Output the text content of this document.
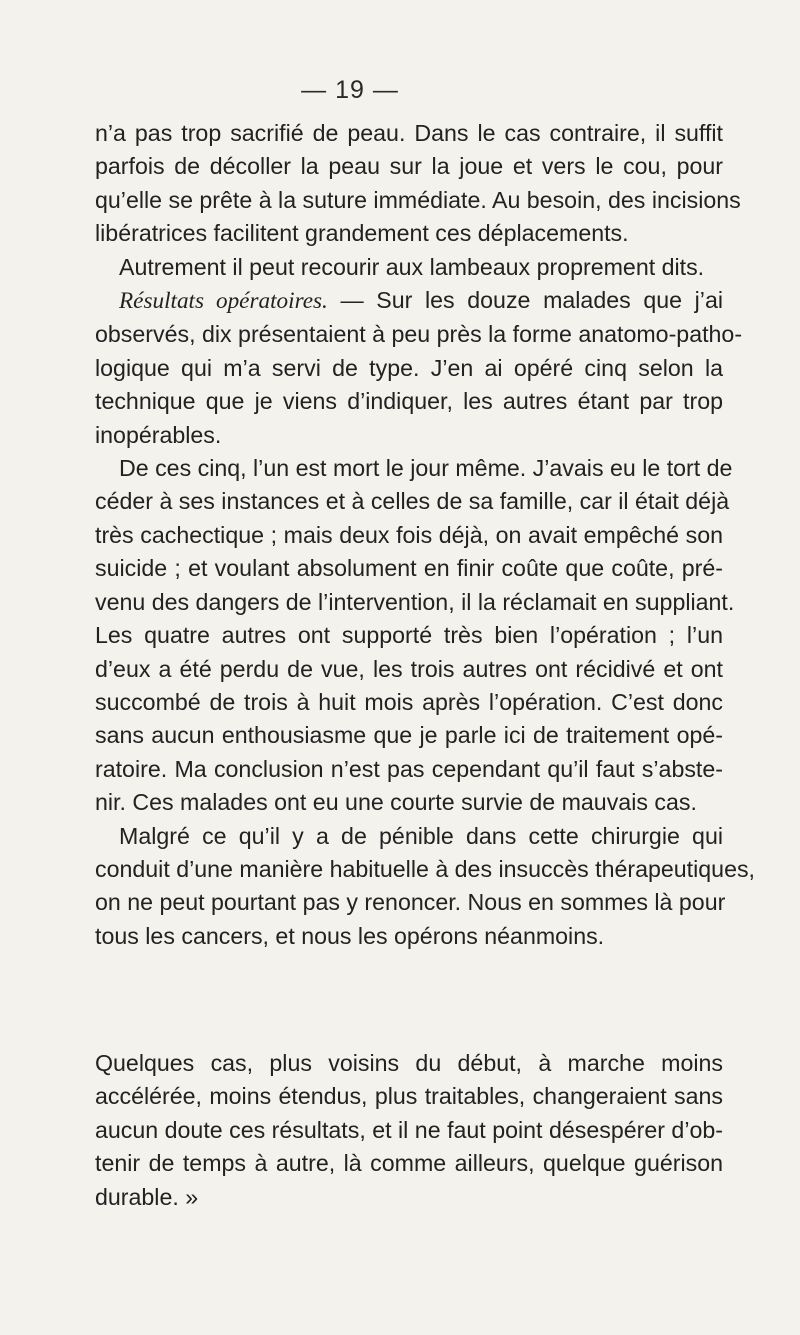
— 19 —
n’a pas trop sacrifié de peau. Dans le cas contraire, il suffit
parfois de décoller la peau sur la joue et vers le cou, pour
qu’elle se prête à la suture immédiate. Au besoin, des incisions
libératrices facilitent grandement ces déplacements.
Autrement il peut recourir aux lambeaux proprement dits.
Résultats opératoires. — Sur les douze malades que j’ai
observés, dix présentaient à peu près la forme anatomo-patho-
logique qui m’a servi de type. J’en ai opéré cinq selon la
technique que je viens d’indiquer, les autres étant par trop
inopérables.
De ces cinq, l’un est mort le jour même. J’avais eu le tort de
céder à ses instances et à celles de sa famille, car il était déjà
très cachectique ; mais deux fois déjà, on avait empêché son
suicide ; et voulant absolument en finir coûte que coûte, pré-
venu des dangers de l’intervention, il la réclamait en suppliant.
Les quatre autres ont supporté très bien l’opération ; l’un
d’eux a été perdu de vue, les trois autres ont récidivé et ont
succombé de trois à huit mois après l’opération. C’est donc
sans aucun enthousiasme que je parle ici de traitement opé-
ratoire. Ma conclusion n’est pas cependant qu’il faut s’abste-
nir. Ces malades ont eu une courte survie de mauvais cas.
Malgré ce qu’il y a de pénible dans cette chirurgie qui
conduit d’une manière habituelle à des insuccès thérapeutiques,
on ne peut pourtant pas y renoncer. Nous en sommes là pour
tous les cancers, et nous les opérons néanmoins.
Quelques cas, plus voisins du début, à marche moins
accélérée, moins étendus, plus traitables, changeraient sans
aucun doute ces résultats, et il ne faut point désespérer d’ob-
tenir de temps à autre, là comme ailleurs, quelque guérison
durable. »
